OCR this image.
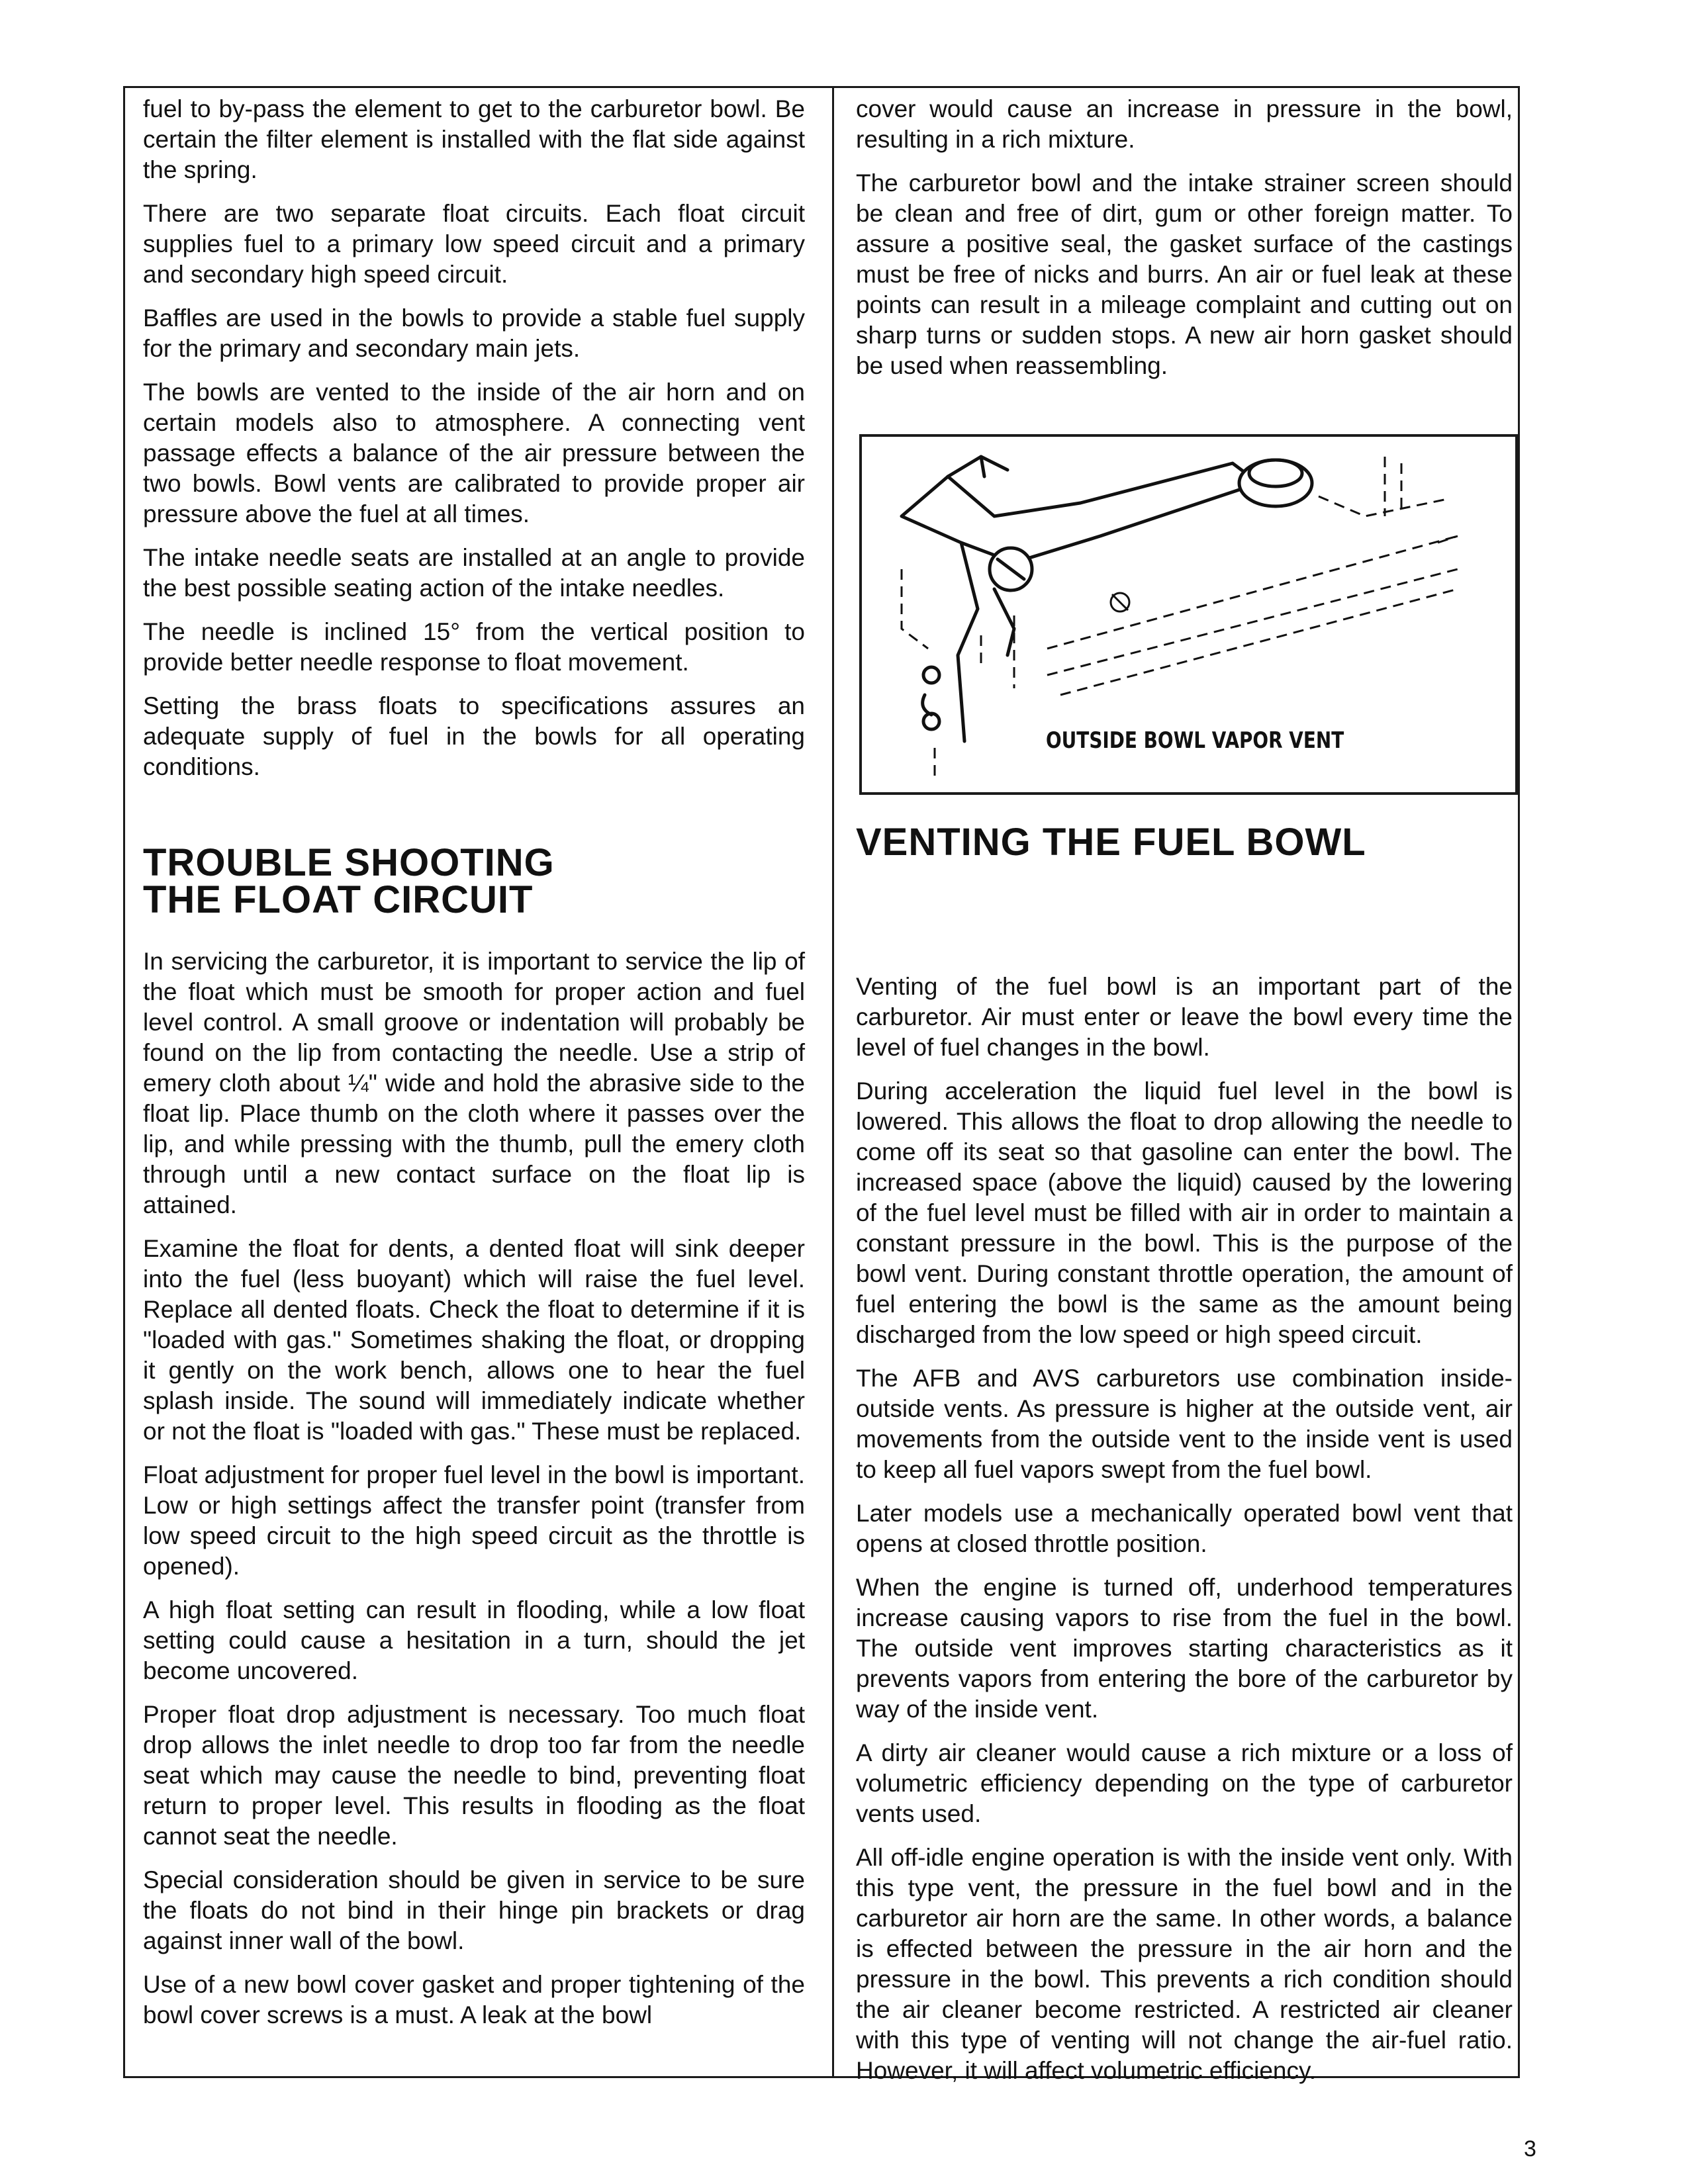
fuel to by-pass the element to get to the carburetor bowl. Be certain the filter element is installed with the flat side against the spring.

There are two separate float circuits. Each float circuit supplies fuel to a primary low speed circuit and a primary and secondary high speed circuit.

Baffles are used in the bowls to provide a stable fuel supply for the primary and secondary main jets.

The bowls are vented to the inside of the air horn and on certain models also to atmosphere. A connecting vent passage effects a balance of the air pressure between the two bowls. Bowl vents are calibrated to provide proper air pressure above the fuel at all times.

The intake needle seats are installed at an angle to provide the best possible seating action of the intake needles.

The needle is inclined 15° from the vertical position to provide better needle response to float movement.

Setting the brass floats to specifications assures an adequate supply of fuel in the bowls for all operating conditions.

TROUBLE SHOOTING
THE FLOAT CIRCUIT

In servicing the carburetor, it is important to service the lip of the float which must be smooth for proper action and fuel level control. A small groove or indentation will probably be found on the lip from contacting the needle. Use a strip of emery cloth about ¼" wide and hold the abrasive side to the float lip. Place thumb on the cloth where it passes over the lip, and while pressing with the thumb, pull the emery cloth through until a new contact surface on the float lip is attained.

Examine the float for dents, a dented float will sink deeper into the fuel (less buoyant) which will raise the fuel level. Replace all dented floats. Check the float to determine if it is "loaded with gas." Sometimes shaking the float, or dropping it gently on the work bench, allows one to hear the fuel splash inside. The sound will immediately indicate whether or not the float is "loaded with gas." These must be replaced.

Float adjustment for proper fuel level in the bowl is important. Low or high settings affect the transfer point (transfer from low speed circuit to the high speed circuit as the throttle is opened).

A high float setting can result in flooding, while a low float setting could cause a hesitation in a turn, should the jet become uncovered.

Proper float drop adjustment is necessary. Too much float drop allows the inlet needle to drop too far from the needle seat which may cause the needle to bind, preventing float return to proper level. This results in flooding as the float cannot seat the needle.

Special consideration should be given in service to be sure the floats do not bind in their hinge pin brackets or drag against inner wall of the bowl.

Use of a new bowl cover gasket and proper tightening of the bowl cover screws is a must. A leak at the bowl

cover would cause an increase in pressure in the bowl, resulting in a rich mixture.

The carburetor bowl and the intake strainer screen should be clean and free of dirt, gum or other foreign matter. To assure a positive seal, the gasket surface of the castings must be free of nicks and burrs. An air or fuel leak at these points can result in a mileage complaint and cutting out on sharp turns or sudden stops. A new air horn gasket should be used when reassembling.

VENTING THE FUEL BOWL

Venting of the fuel bowl is an important part of the carburetor. Air must enter or leave the bowl every time the level of fuel changes in the bowl.

During acceleration the liquid fuel level in the bowl is lowered. This allows the float to drop allowing the needle to come off its seat so that gasoline can enter the bowl. The increased space (above the liquid) caused by the lowering of the fuel level must be filled with air in order to maintain a constant pressure in the bowl. This is the purpose of the bowl vent. During constant throttle operation, the amount of fuel entering the bowl is the same as the amount being discharged from the low speed or high speed circuit.

The AFB and AVS carburetors use combination inside-outside vents. As pressure is higher at the outside vent, air movements from the outside vent to the inside vent is used to keep all fuel vapors swept from the fuel bowl.

Later models use a mechanically operated bowl vent that opens at closed throttle position.

When the engine is turned off, underhood temperatures increase causing vapors to rise from the fuel in the bowl. The outside vent improves starting characteristics as it prevents vapors from entering the bore of the carburetor by way of the inside vent.

A dirty air cleaner would cause a rich mixture or a loss of volumetric efficiency depending on the type of carburetor vents used.

All off-idle engine operation is with the inside vent only. With this type vent, the pressure in the fuel bowl and in the carburetor air horn are the same. In other words, a balance is effected between the pressure in the air horn and the pressure in the bowl. This prevents a rich condition should the air cleaner become restricted. A restricted air cleaner with this type of venting will not change the air-fuel ratio. However, it will affect volumetric efficiency.

OUTSIDE BOWL VAPOR VENT
3
